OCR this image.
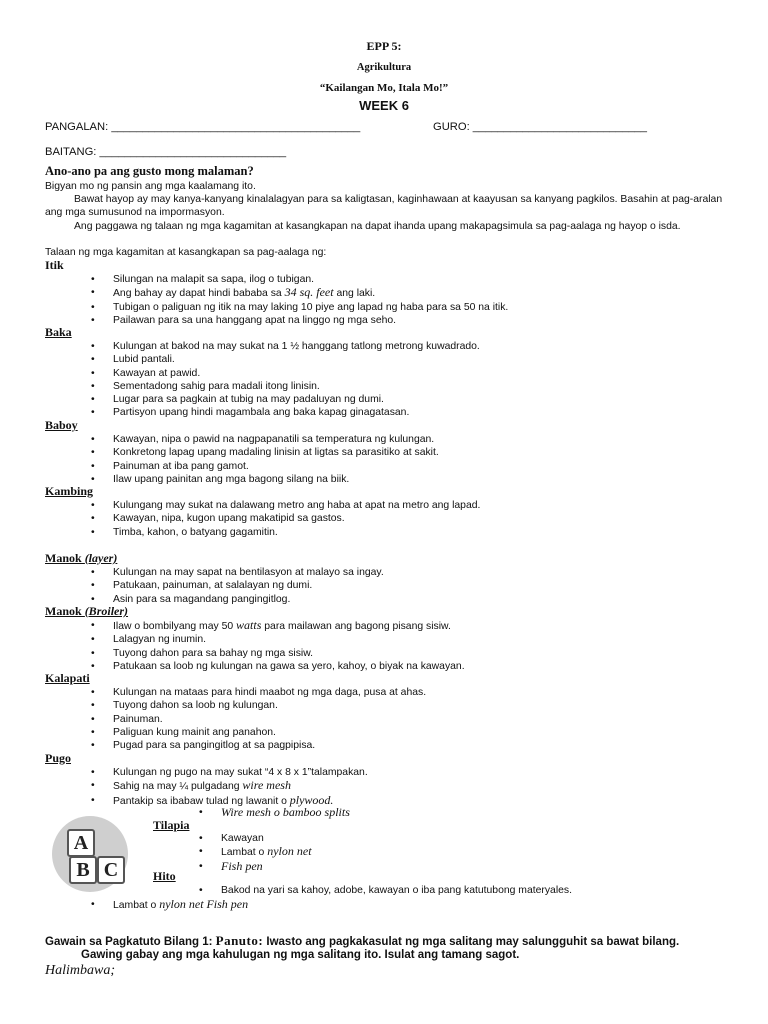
EPP 5:
Agrikultura
“Kailangan Mo, Itala Mo!”
WEEK 6
PANGALAN: ________________________________________	GURO: ____________________________
BAITANG: ______________________________
Ano-ano pa ang gusto mong malaman?
Bigyan mo ng pansin ang mga kaalamang ito.
Bawat hayop ay may kanya-kanyang kinalalagyan para sa kaligtasan, kaginhawaan at kaayusan sa kanyang pagkilos. Basahin at pag-aralan ang mga sumusunod na impormasyon.
Ang paggawa ng talaan ng mga kagamitan at kasangkapan na dapat ihanda upang makapagsimula sa pag-aalaga ng hayop o isda.
Talaan ng mga kagamitan at kasangkapan sa pag-aalaga ng:
Itik
• Silungan na malapit sa sapa, ilog o tubigan.
• Ang bahay ay dapat hindi bababa sa 34 sq. feet ang laki.
• Tubigan o paliguan ng itik na may laking 10 piye ang lapad ng haba para sa 50 na itik.
• Pailawan para sa una hanggang apat na linggo ng mga seho.
Baka
• Kulungan at bakod na may sukat na 1 ½ hanggang tatlong metrong kuwadrado.
• Lubid pantali.
• Kawayan at pawid.
• Sementadong sahig para madali itong linisin.
• Lugar para sa pagkain at tubig na may padaluyan ng dumi.
• Partisyon upang hindi magambala ang baka kapag ginagatasan.
Baboy
• Kawayan, nipa o pawid na nagpapanatili sa temperatura ng kulungan.
• Konkretong lapag upang madaling linisin at ligtas sa parasitiko at sakit.
• Painuman at iba pang gamot.
• Ilaw upang painitan ang mga bagong silang na biik.
Kambing
• Kulungang may sukat na dalawang metro ang haba at apat na metro ang lapad.
• Kawayan, nipa, kugon upang makatipid sa gastos.
• Timba, kahon, o batyang gagamitin.
Manok (layer)
• Kulungan na may sapat na bentilasyon at malayo sa ingay.
• Patukaan, painuman, at salalayan ng dumi.
• Asin para sa magandang pangingitlog.
Manok (Broiler)
• Ilaw o bombilyang may 50 watts para mailawan ang bagong pisang sisiw.
• Lalagyan ng inumin.
• Tuyong dahon para sa bahay ng mga sisiw.
• Patukaan sa loob ng kulungan na gawa sa yero, kahoy, o biyak na kawayan.
Kalapati
• Kulungan na mataas para hindi maabot ng mga daga, pusa at ahas.
• Tuyong dahon sa loob ng kulungan.
• Painuman.
• Paliguan kung mainit ang panahon.
• Pugad para sa pangingitlog at sa pagpipisa.
Pugo
• Kulungan ng pugo na may sukat “4 x 8 x 1”talampakan.
• Sahig na may ¼ pulgadang wire mesh
• Pantakip sa ibabaw tulad ng lawanit o plywood.
• Wire mesh o bamboo splits
A
B C
Tilapia
• Kawayan
• Lambat o nylon net
• Fish pen
Hito
• Bakod na yari sa kahoy, adobe, kawayan o iba pang katutubong materyales.
• Lambat o nylon net Fish pen
Gawain sa Pagkatuto Bilang 1: Panuto: Iwasto ang pagkakasulat ng mga salitang may salungguhit sa bawat bilang.
Gawing gabay ang mga kahulugan ng mga salitang ito. Isulat ang tamang sagot.
Halimbawa;
